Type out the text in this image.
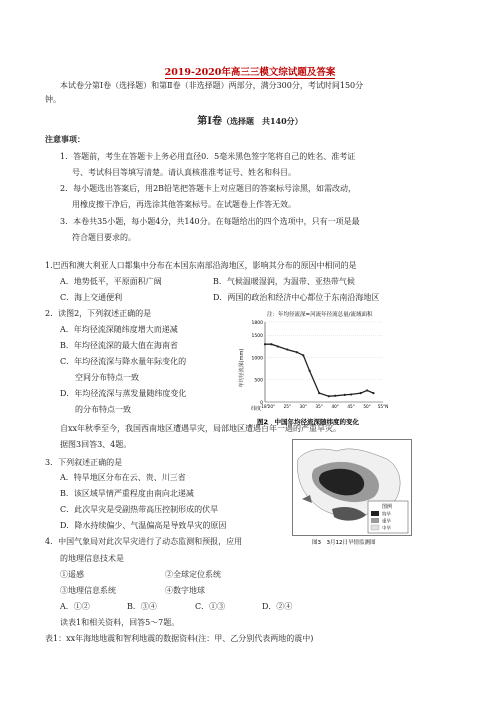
2019-2020年高三三模文综试题及答案
本试卷分第Ⅰ卷（选择题）和第Ⅱ卷（非选择题）两部分，满分300分，考试时间150分
钟。
第Ⅰ卷（选择题　共140分）
注意事项：
1．答题前，考生在答题卡上务必用直径0．5毫米黑色签字笔将自己的姓名、准考证
号、考试科目等填写清楚。请认真核准准考证号、姓名和科目。
2．每小题选出答案后，用2B铅笔把答题卡上对应题目的答案标号涂黑，如需改动，
用橡皮擦干净后，再选涂其他答案标号。在试题卷上作答无效。
3．本卷共35小题，每小题4分，共140分。在每题给出的四个选项中，只有一项是最
符合题目要求的。
1.巴西和澳大利亚人口都集中分布在本国东南部沿海地区，影响其分布的原因中相同的是
A．地势低平，平原面积广阔	B．气候温暖湿润，为温带、亚热带气候
C．海上交通便利	D．两国的政治和经济中心都位于东南沿海地区
2．读图2，下列叙述正确的是
A．年均径流深随纬度增大而递减
B．年均径流深的最大值在海南省
C．年均径流深与降水量年际变化的
空间分布特点一致
D．年均径流深与蒸发量随纬度变化
的分布特点一致
注：年均径流深=河流年径流总量/流域面积
年均径流深(mm)
1800
1500
1000
500
0
18°
20° 25° 30° 35° 40° 45° 50° 55°N
纬度
图2　中国年均径流深随纬度的变化
自xx年秋季至今，我国西南地区遭遇旱灾，局部地区遭遇百年一遇的严重旱灾。
据图3回答3、4题。
3．下列叙述正确的是
A．特旱地区分布在云、贵、川三省
B．该区域旱情严重程度由南向北递减
C．此次旱灾是受副热带高压控制形成的伏旱
D．降水持续偏少、气温偏高是导致旱灾的原因
图例
特旱
重旱
中旱
图3　3月12日旱情监测图
4．中国气象局对此次旱灾进行了动态监测和预报，应用
的地理信息技术是
①遥感	②全球定位系统
③地理信息系统	④数字地球
A．①②	B．③④	C．①③	D．②④
读表1和相关资料，回答5～7题。
表1：xx年海地地震和智利地震的数据资料(注：甲、乙分别代表两地的震中)
